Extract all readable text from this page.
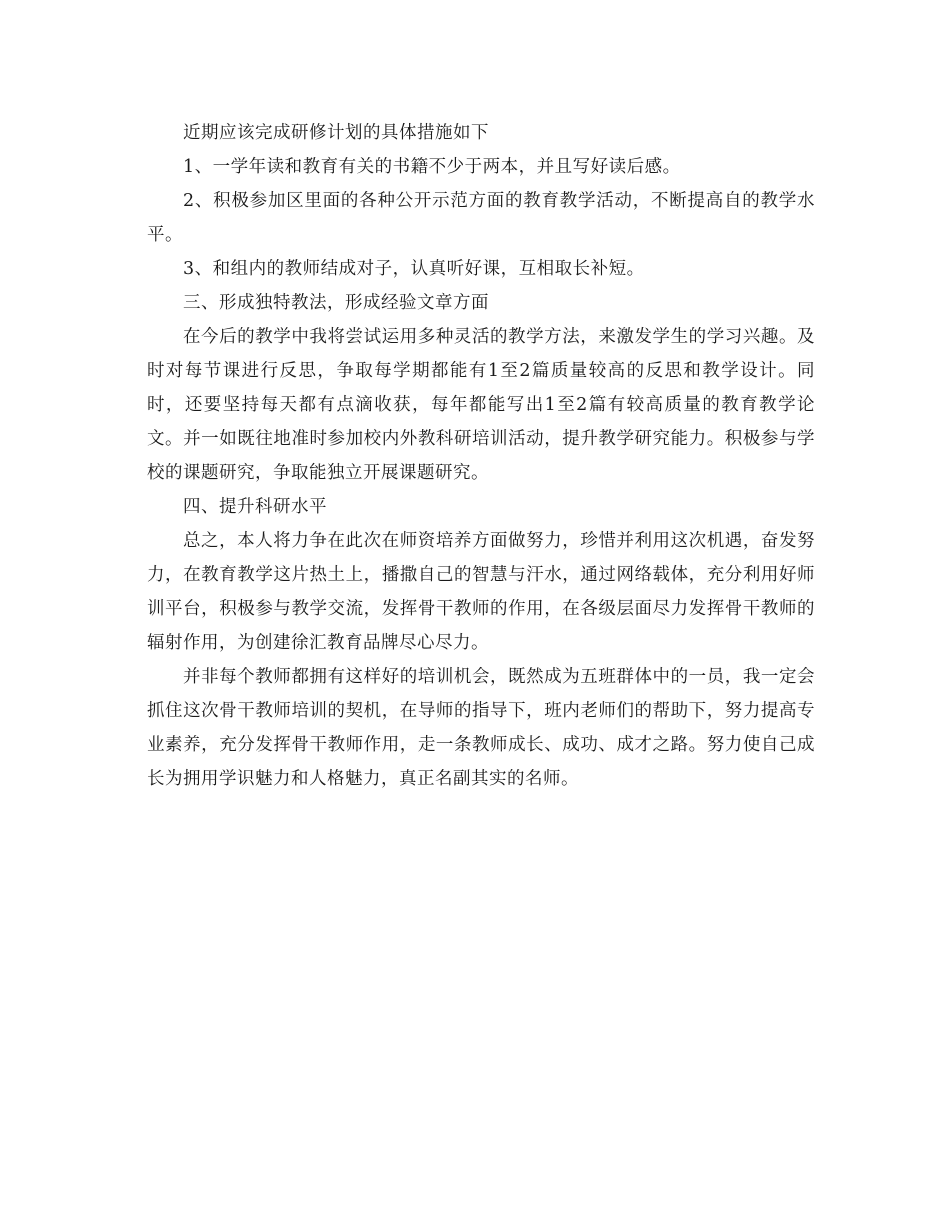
近期应该完成研修计划的具体措施如下

1、一学年读和教育有关的书籍不少于两本，并且写好读后感。

2、积极参加区里面的各种公开示范方面的教育教学活动，不断提高自的教学水平。

3、和组内的教师结成对子，认真听好课，互相取长补短。

三、形成独特教法，形成经验文章方面

在今后的教学中我将尝试运用多种灵活的教学方法，来激发学生的学习兴趣。及时对每节课进行反思，争取每学期都能有1至2篇质量较高的反思和教学设计。同时，还要坚持每天都有点滴收获，每年都能写出1至2篇有较高质量的教育教学论文。并一如既往地准时参加校内外教科研培训活动，提升教学研究能力。积极参与学校的课题研究，争取能独立开展课题研究。

四、提升科研水平

总之，本人将力争在此次在师资培养方面做努力，珍惜并利用这次机遇，奋发努力，在教育教学这片热土上，播撒自己的智慧与汗水，通过网络载体，充分利用好师训平台，积极参与教学交流，发挥骨干教师的作用，在各级层面尽力发挥骨干教师的辐射作用，为创建徐汇教育品牌尽心尽力。

并非每个教师都拥有这样好的培训机会，既然成为五班群体中的一员，我一定会抓住这次骨干教师培训的契机，在导师的指导下，班内老师们的帮助下，努力提高专业素养，充分发挥骨干教师作用，走一条教师成长、成功、成才之路。努力使自己成长为拥用学识魅力和人格魅力，真正名副其实的名师。
